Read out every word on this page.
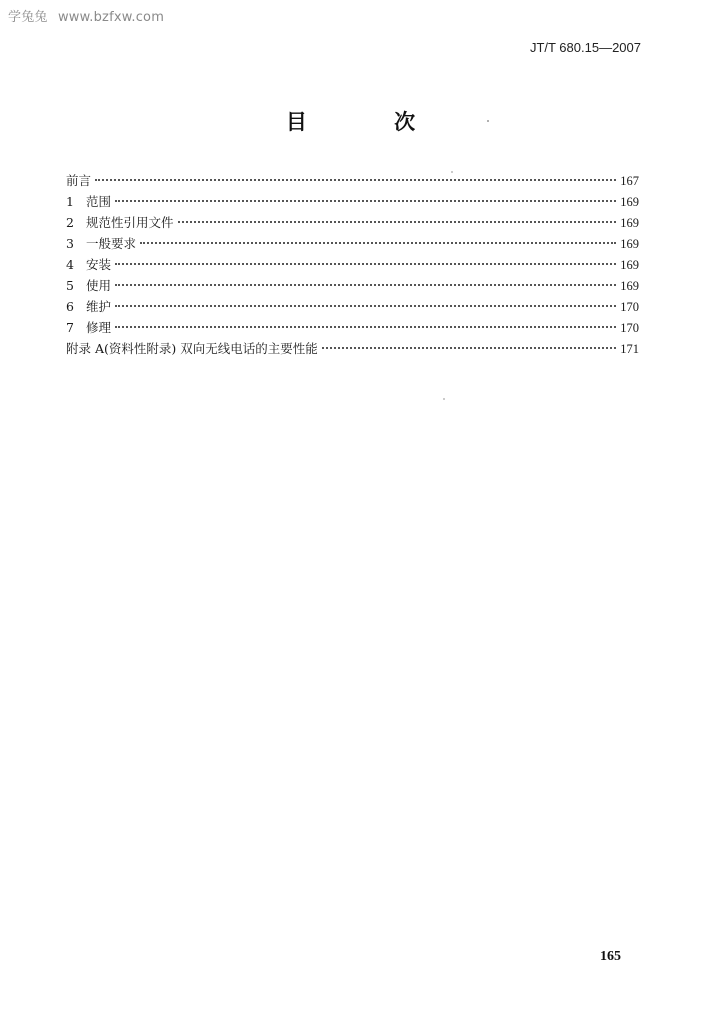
学兔兔 www.bzfxw.com
JT/T 680.15—2007
目 次
前言	167
1 范围	169
2 规范性引用文件	169
3 一般要求	169
4 安装	169
5 使用	169
6 维护	170
7 修理	170
附录 A(资料性附录) 双向无线电话的主要性能	171
165
